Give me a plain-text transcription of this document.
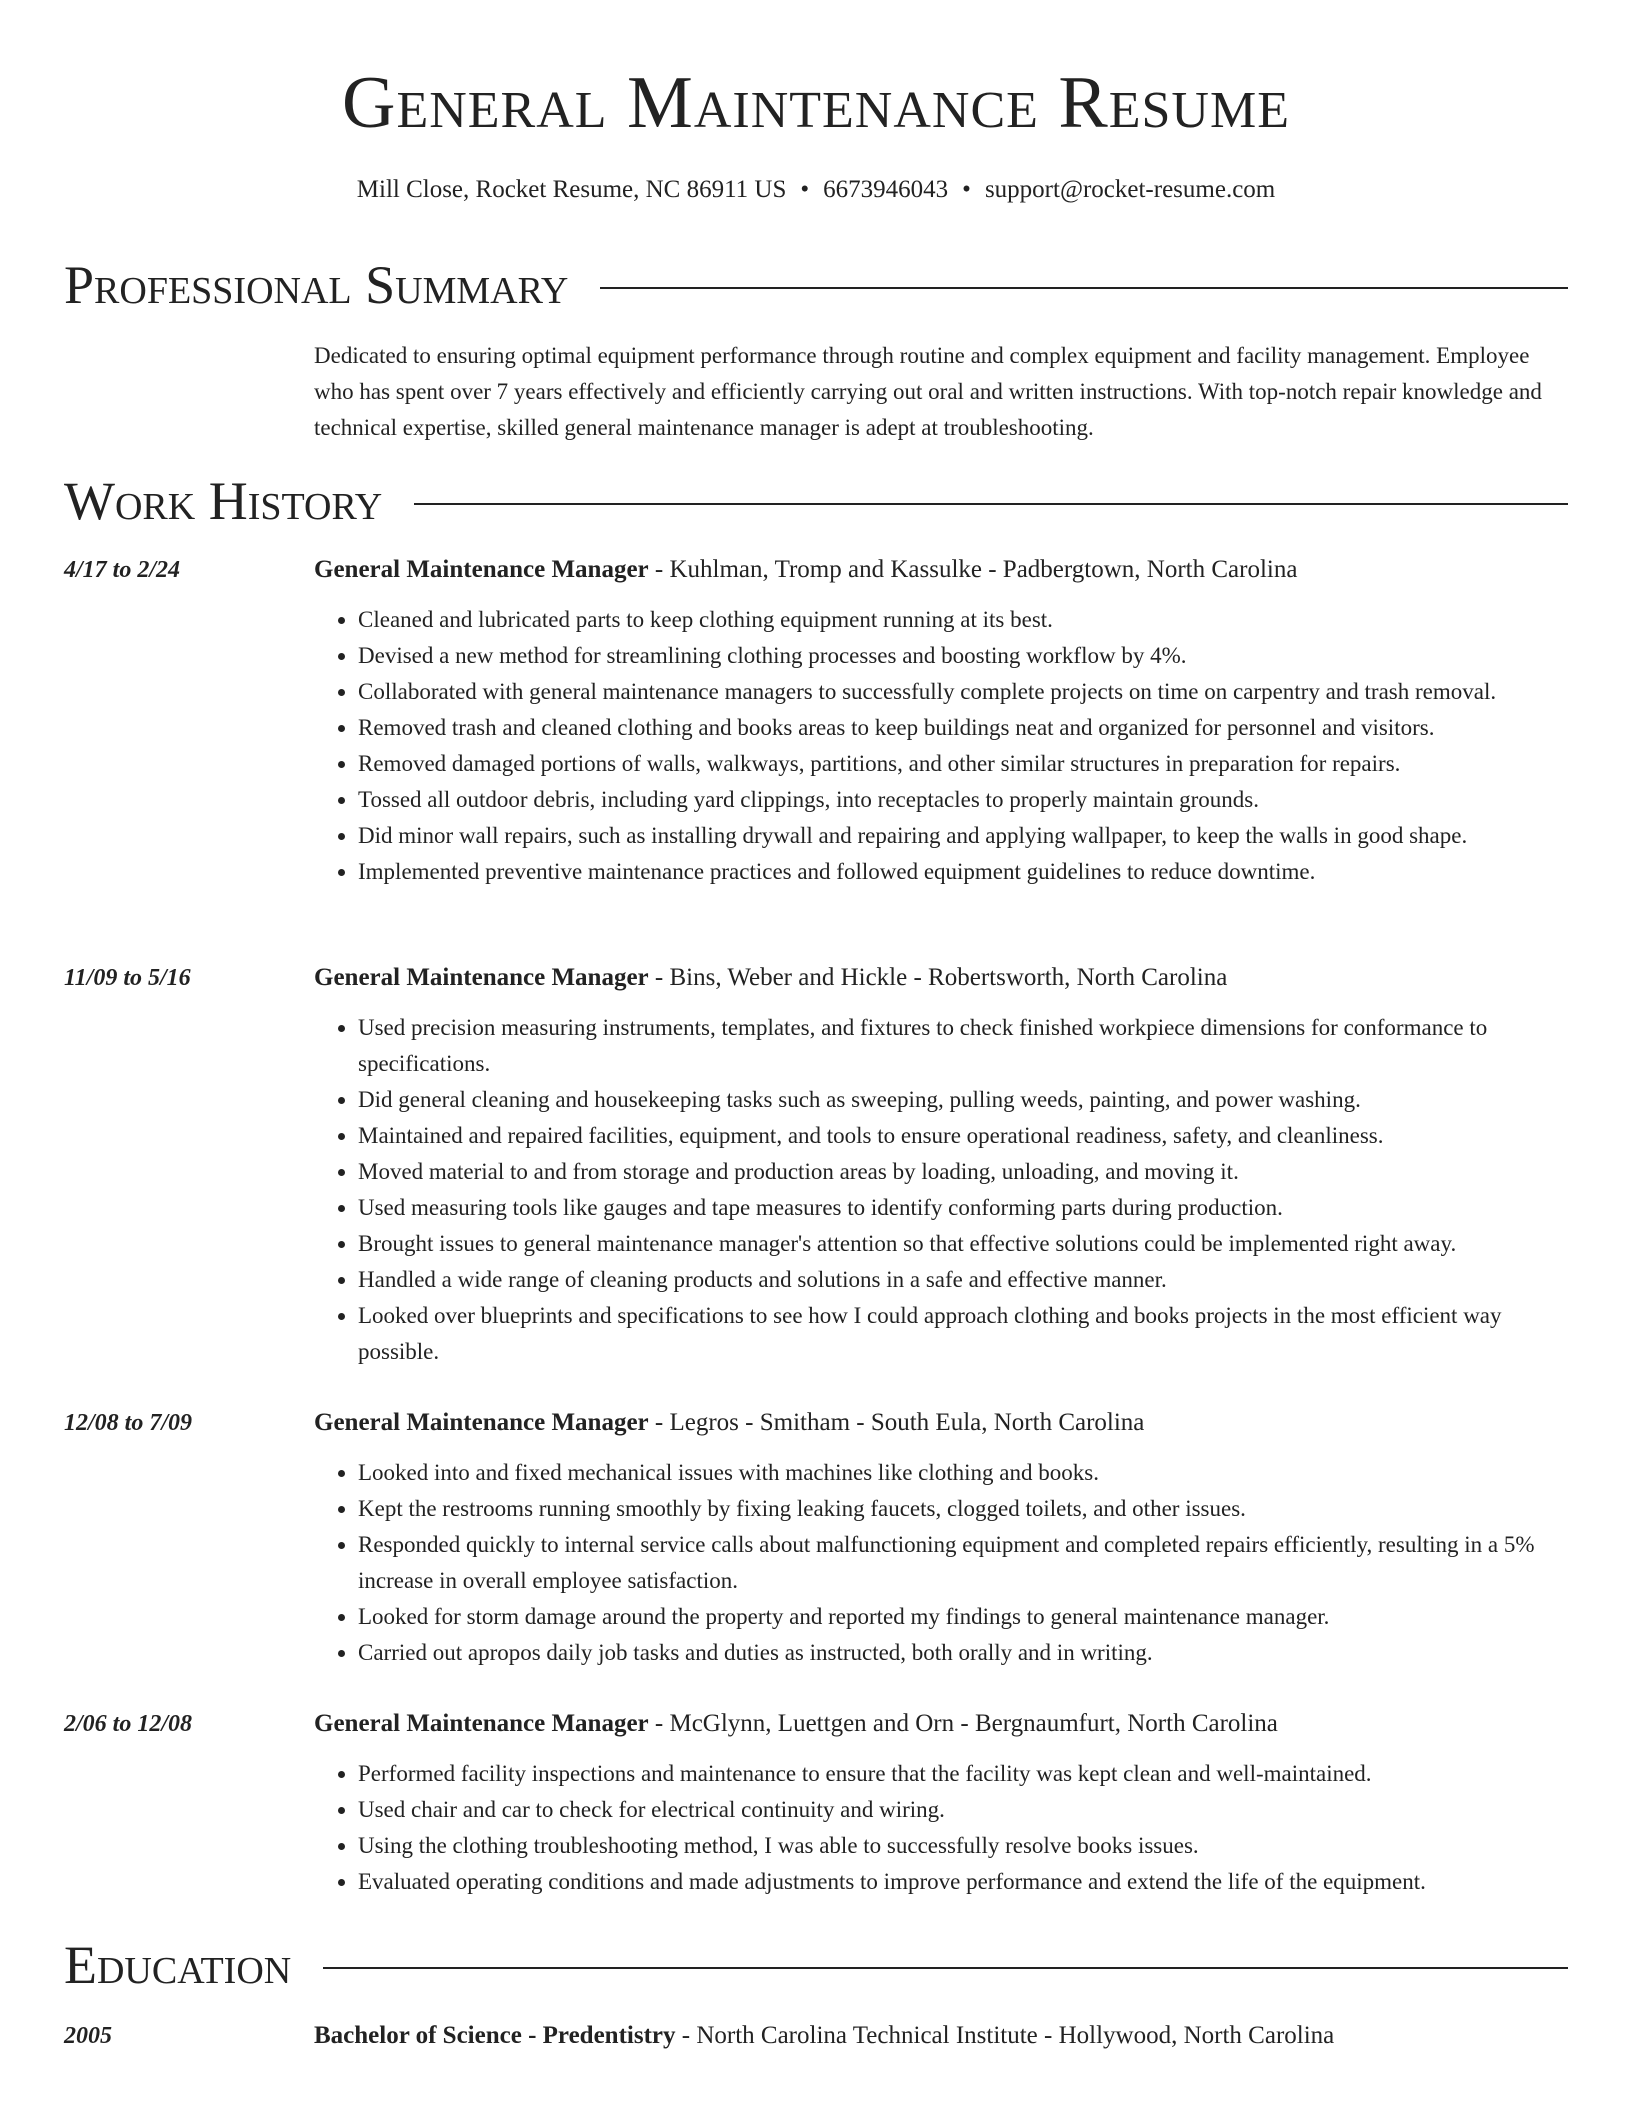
General Maintenance Resume
Mill Close, Rocket Resume, NC 86911 US • 6673946043 • support@rocket-resume.com
Professional Summary
Dedicated to ensuring optimal equipment performance through routine and complex equipment and facility management. Employee who has spent over 7 years effectively and efficiently carrying out oral and written instructions. With top-notch repair knowledge and technical expertise, skilled general maintenance manager is adept at troubleshooting.
Work History
4/17 to 2/24	General Maintenance Manager - Kuhlman, Tromp and Kassulke - Padbergtown, North Carolina
• Cleaned and lubricated parts to keep clothing equipment running at its best.
• Devised a new method for streamlining clothing processes and boosting workflow by 4%.
• Collaborated with general maintenance managers to successfully complete projects on time on carpentry and trash removal.
• Removed trash and cleaned clothing and books areas to keep buildings neat and organized for personnel and visitors.
• Removed damaged portions of walls, walkways, partitions, and other similar structures in preparation for repairs.
• Tossed all outdoor debris, including yard clippings, into receptacles to properly maintain grounds.
• Did minor wall repairs, such as installing drywall and repairing and applying wallpaper, to keep the walls in good shape.
• Implemented preventive maintenance practices and followed equipment guidelines to reduce downtime.
11/09 to 5/16	General Maintenance Manager - Bins, Weber and Hickle - Robertsworth, North Carolina
• Used precision measuring instruments, templates, and fixtures to check finished workpiece dimensions for conformance to specifications.
• Did general cleaning and housekeeping tasks such as sweeping, pulling weeds, painting, and power washing.
• Maintained and repaired facilities, equipment, and tools to ensure operational readiness, safety, and cleanliness.
• Moved material to and from storage and production areas by loading, unloading, and moving it.
• Used measuring tools like gauges and tape measures to identify conforming parts during production.
• Brought issues to general maintenance manager's attention so that effective solutions could be implemented right away.
• Handled a wide range of cleaning products and solutions in a safe and effective manner.
• Looked over blueprints and specifications to see how I could approach clothing and books projects in the most efficient way possible.
12/08 to 7/09	General Maintenance Manager - Legros - Smitham - South Eula, North Carolina
• Looked into and fixed mechanical issues with machines like clothing and books.
• Kept the restrooms running smoothly by fixing leaking faucets, clogged toilets, and other issues.
• Responded quickly to internal service calls about malfunctioning equipment and completed repairs efficiently, resulting in a 5% increase in overall employee satisfaction.
• Looked for storm damage around the property and reported my findings to general maintenance manager.
• Carried out apropos daily job tasks and duties as instructed, both orally and in writing.
2/06 to 12/08	General Maintenance Manager - McGlynn, Luettgen and Orn - Bergnaumfurt, North Carolina
• Performed facility inspections and maintenance to ensure that the facility was kept clean and well-maintained.
• Used chair and car to check for electrical continuity and wiring.
• Using the clothing troubleshooting method, I was able to successfully resolve books issues.
• Evaluated operating conditions and made adjustments to improve performance and extend the life of the equipment.
Education
2005	Bachelor of Science - Predentistry - North Carolina Technical Institute - Hollywood, North Carolina
